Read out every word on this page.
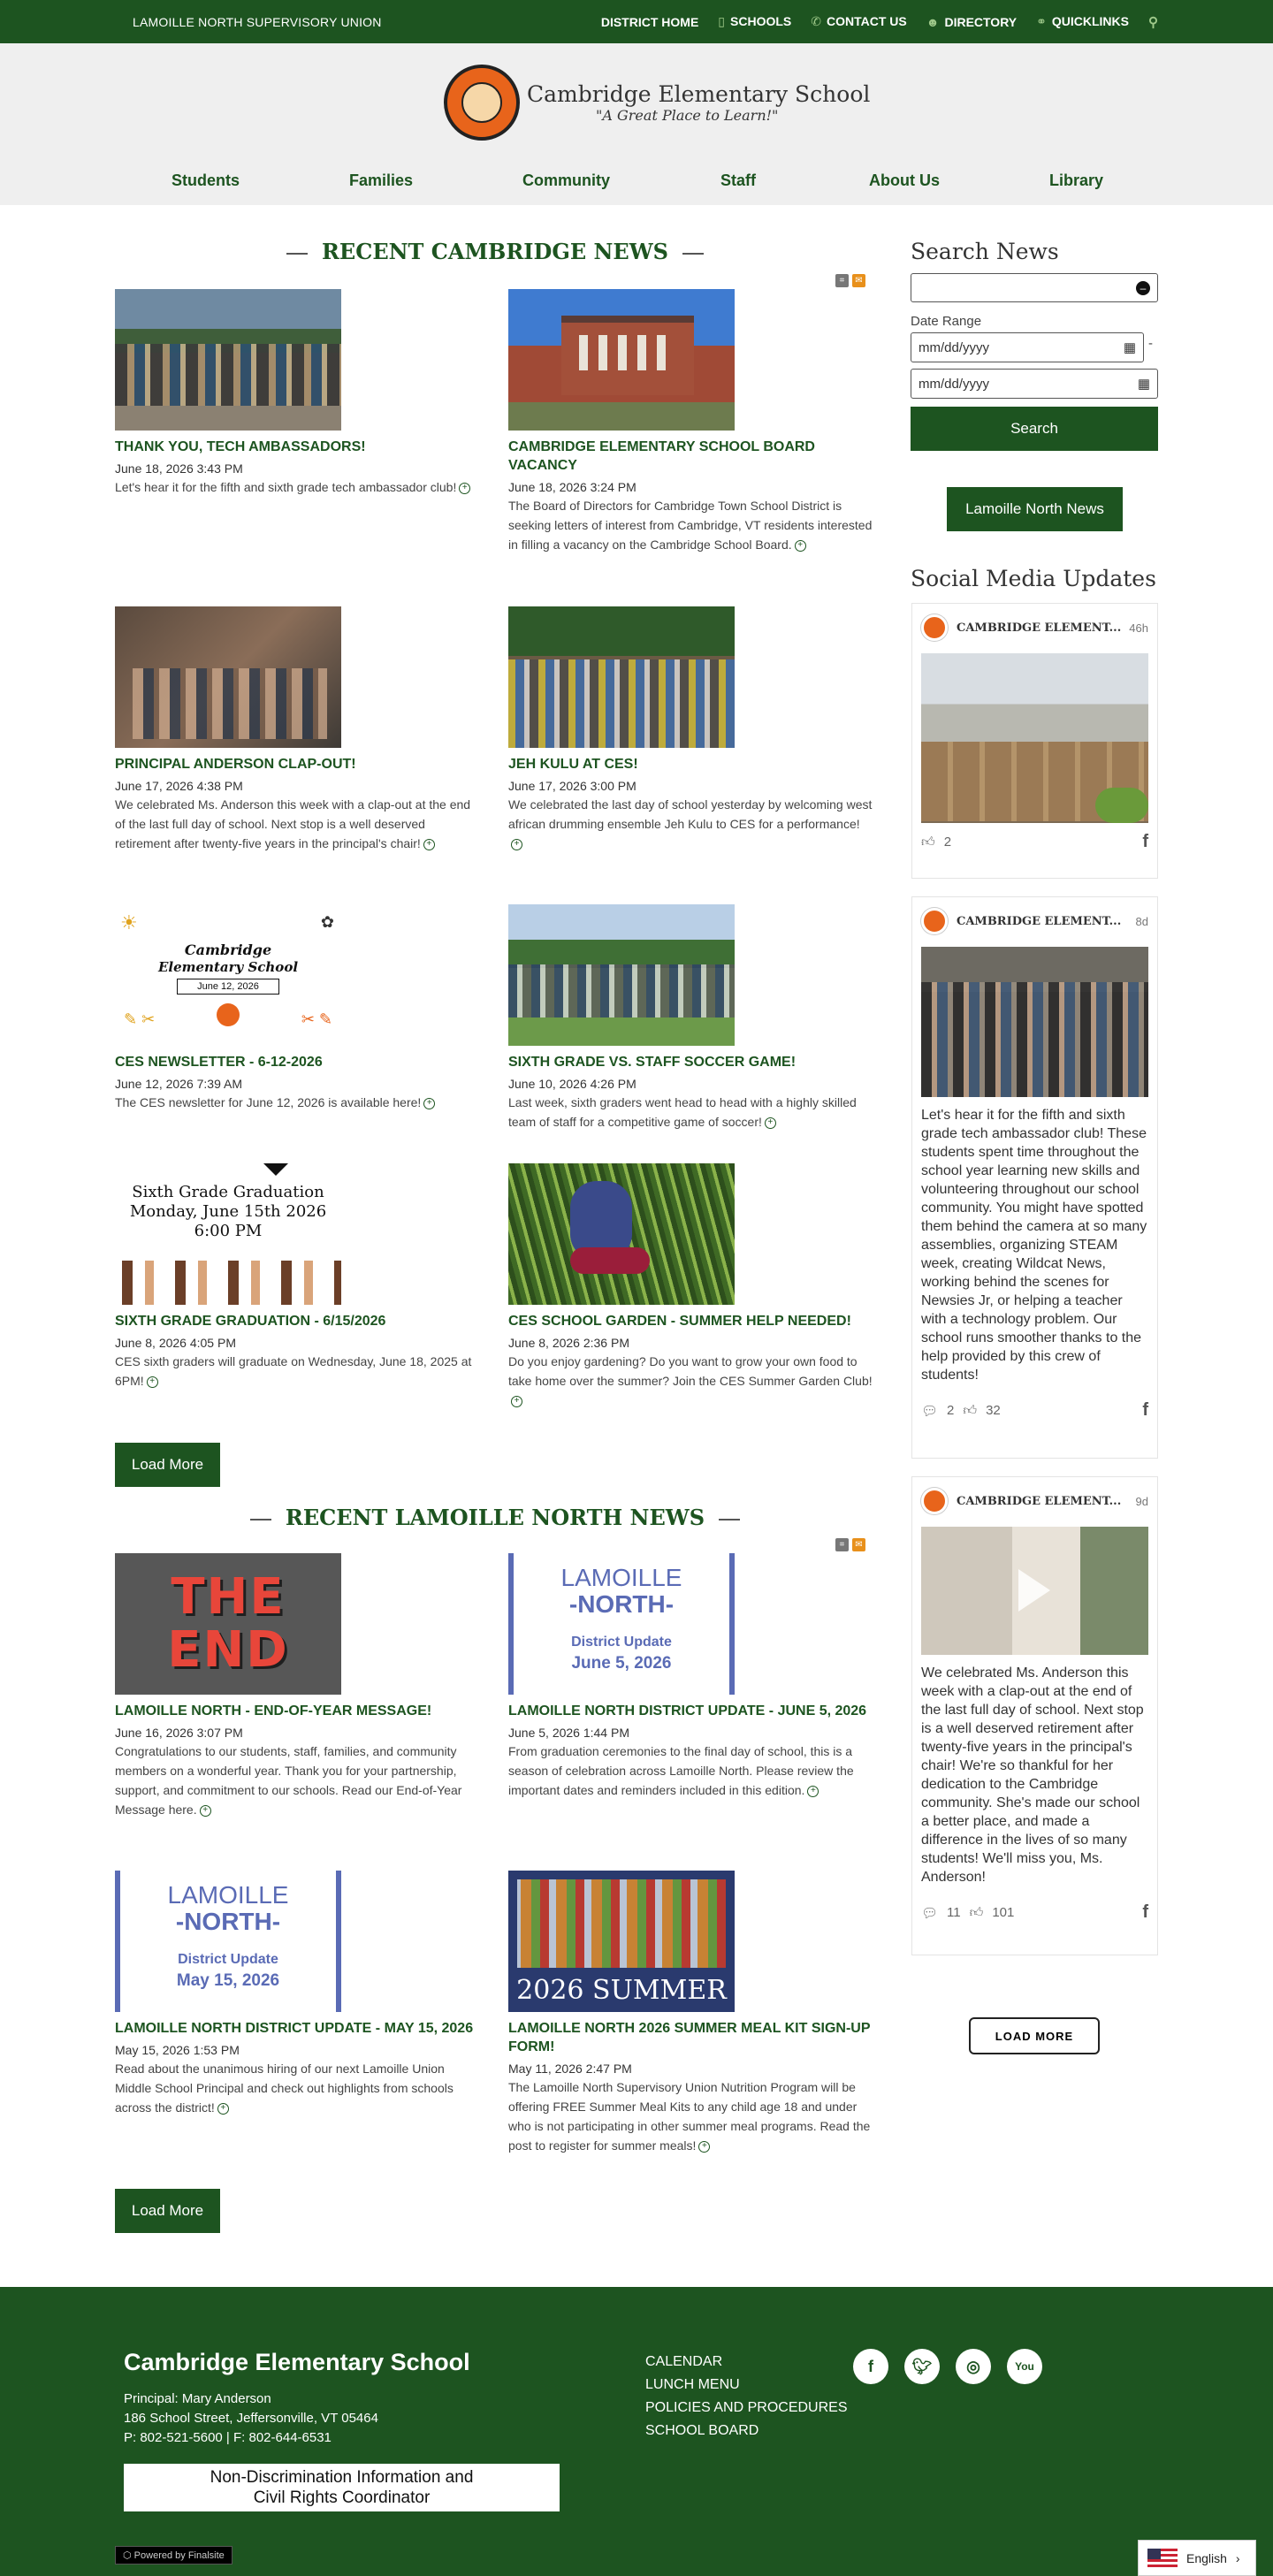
LAMOILLE NORTH SUPERVISORY UNION	DISTRICT HOME ▯ SCHOOLS ✆ CONTACT US ☻ DIRECTORY ⚭ QUICKLINKS ⚲
Cambridge Elementary School
"A Great Place to Learn!"
Students	Families	Community	Staff	About Us	Library
RECENT CAMBRIDGE NEWS
⌗	✉
THANK YOU, TECH AMBASSADORS!
June 18, 2026 3:43 PM

Let's hear it for the fifth and sixth grade tech ambassador club! +

CAMBRIDGE ELEMENTARY SCHOOL BOARD VACANCY
June 18, 2026 3:24 PM

The Board of Directors for Cambridge Town School District is seeking letters of interest from Cambridge, VT residents interested in filling a vacancy on the Cambridge School Board. +

PRINCIPAL ANDERSON CLAP-OUT!
June 17, 2026 4:38 PM

We celebrated Ms. Anderson this week with a clap-out at the end of the last full day of school. Next stop is a well deserved retirement after twenty-five years in the principal's chair! +

JEH KULU AT CES!
June 17, 2026 3:00 PM

We celebrated the last day of school yesterday by welcoming west african drumming ensemble Jeh Kulu to CES for a performance!+

☀	✿
Cambridge
Elementary School
June 12, 2026
✎ ✂	✂ ✎
CES NEWSLETTER - 6-12-2026
June 12, 2026 7:39 AM

The CES newsletter for June 12, 2026 is available here! +

SIXTH GRADE VS. STAFF SOCCER GAME!
June 10, 2026 4:26 PM

Last week, sixth graders went head to head with a highly skilled team of staff for a competitive game of soccer! +

Sixth Grade Graduation
Monday, June 15th 2026
6:00 PM
SIXTH GRADE GRADUATION - 6/15/2026
June 8, 2026 4:05 PM

CES sixth graders will graduate on Wednesday, June 18, 2025 at 6PM! +

CES SCHOOL GARDEN - SUMMER HELP NEEDED!
June 8, 2026 2:36 PM

Do you enjoy gardening? Do you want to grow your own food to take home over the summer? Join the CES Summer Garden Club!+

Load More
RECENT LAMOILLE NORTH NEWS
⌗	✉
THE END
LAMOILLE NORTH - END-OF-YEAR MESSAGE!
June 16, 2026 3:07 PM

Congratulations to our students, staff, families, and community members on a wonderful year. Thank you for your partnership, support, and commitment to our schools. Read our End-of-Year Message here. +

LAMOILLE
-NORTH-
District Update
June 5, 2026
LAMOILLE NORTH DISTRICT UPDATE - JUNE 5, 2026
June 5, 2026 1:44 PM

From graduation ceremonies to the final day of school, this is a season of celebration across Lamoille North. Please review the important dates and reminders included in this edition. +

LAMOILLE
-NORTH-
District Update
May 15, 2026
LAMOILLE NORTH DISTRICT UPDATE - MAY 15, 2026
May 15, 2026 1:53 PM

Read about the unanimous hiring of our next Lamoille Union Middle School Principal and check out highlights from schools across the district! +

2026 SUMMER
LAMOILLE NORTH 2026 SUMMER MEAL KIT SIGN-UP FORM!
May 11, 2026 2:47 PM

The Lamoille North Supervisory Union Nutrition Program will be offering FREE Summer Meal Kits to any child age 18 and under who is not participating in other summer meal programs. Read the post to register for summer meals! +

Load More
Search News
–
Date Range
mm/dd/yyyy	▦ -
mm/dd/yyyy	▦
Search
Lamoille North News
Social Media Updates
CAMBRIDGE ELEMENT... 46h
👍︎ 2	f
CAMBRIDGE ELEMENT...	8d
Let's hear it for the fifth and sixth grade tech ambassador club! These students spent time throughout the school year learning new skills and volunteering throughout our school community. You might have spotted them behind the camera at so many assemblies, organizing STEAM week, creating Wildcat News, working behind the scenes for Newsies Jr, or helping a teacher with a technology problem. Our school runs smoother thanks to the help provided by this crew of students!
💬︎ 2 👍︎ 32	f
CAMBRIDGE ELEMENT...	9d
We celebrated Ms. Anderson this week with a clap-out at the end of the last full day of school. Next stop is a well deserved retirement after twenty-five years in the principal's chair! We're so thankful for her dedication to the Cambridge community. She's made our school a better place, and made a difference in the lives of so many students! We'll miss you, Ms. Anderson!
💬︎ 11 👍︎ 101	f
LOAD MORE
Cambridge Elementary School
Principal: Mary Anderson
186 School Street, Jeffersonville, VT 05464
P: 802-521-5600 | F: 802-644-6531
Non-Discrimination Information and
Civil Rights Coordinator
CALENDAR
LUNCH MENU
POLICIES AND PROCEDURES
SCHOOL BOARD
f	🐦︎	◎	You
⬡ Powered by Finalsite	English ›
